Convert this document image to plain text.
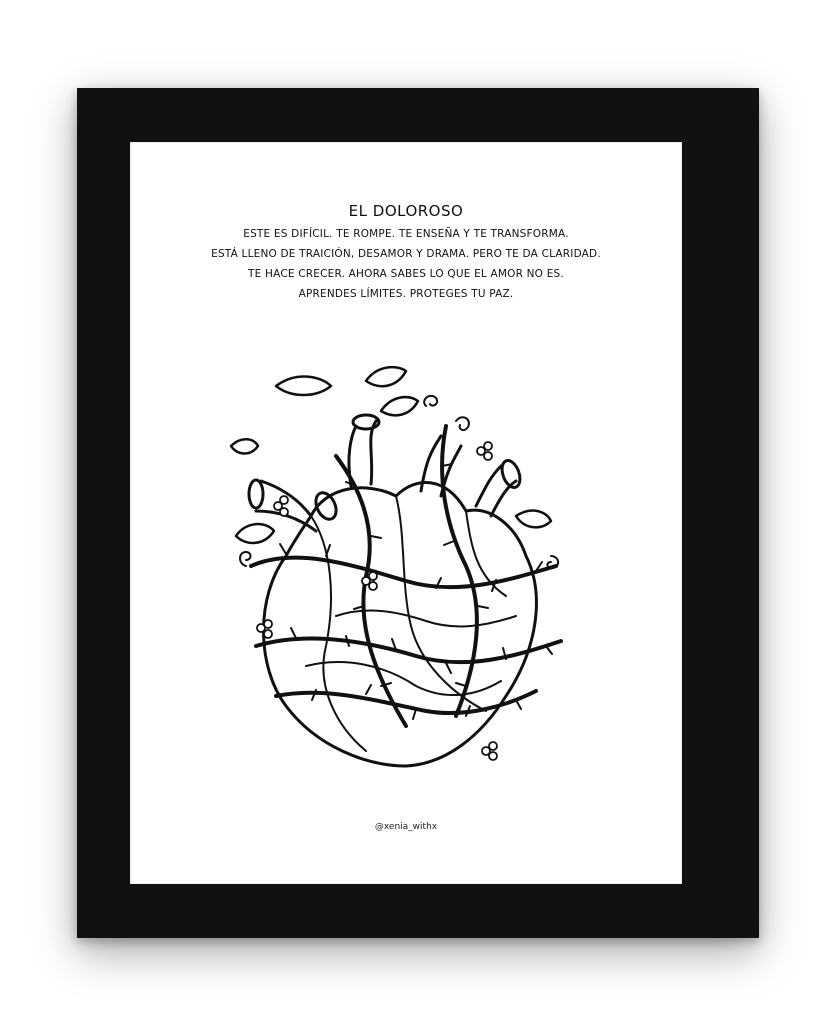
EL DOLOROSO
ESTE ES DIFÍCIL. TE ROMPE. TE ENSEÑA Y TE TRANSFORMA.
ESTÁ LLENO DE TRAICIÓN, DESAMOR Y DRAMA. PERO TE DA CLARIDAD.
TE HACE CRECER. AHORA SABES LO QUE EL AMOR NO ES.
APRENDES LÍMITES. PROTEGES TU PAZ.
@xenia_withx
